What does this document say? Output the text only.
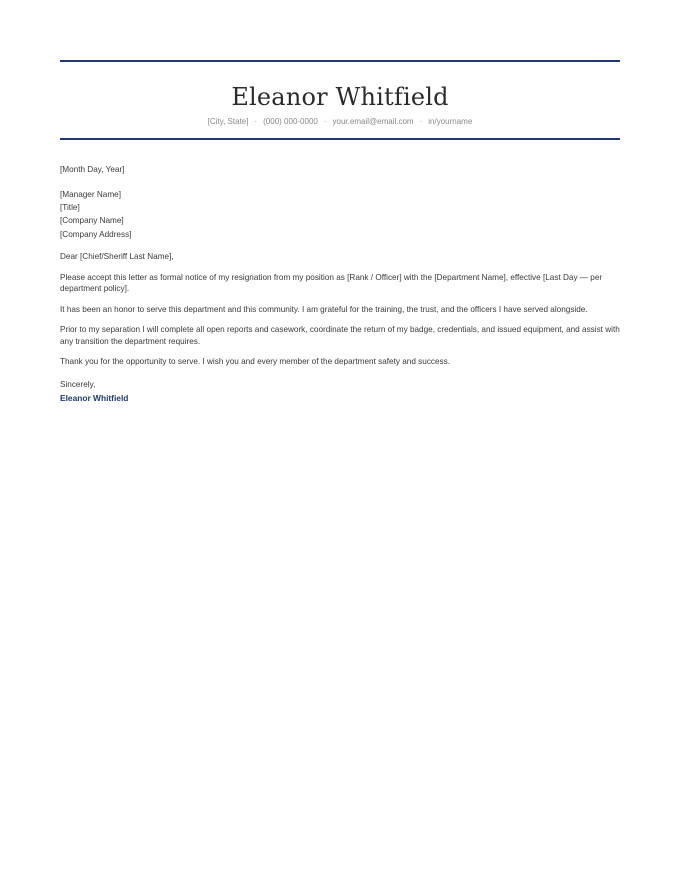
Eleanor Whitfield
[City, State] · (000) 000-0000 · your.email@email.com · in/yourname
[Month Day, Year]
[Manager Name]
[Title]
[Company Name]
[Company Address]
Dear [Chief/Sheriff Last Name],
Please accept this letter as formal notice of my resignation from my position as [Rank / Officer] with the [Department Name], effective [Last Day — per department policy].
It has been an honor to serve this department and this community. I am grateful for the training, the trust, and the officers I have served alongside.
Prior to my separation I will complete all open reports and casework, coordinate the return of my badge, credentials, and issued equipment, and assist with any transition the department requires.
Thank you for the opportunity to serve. I wish you and every member of the department safety and success.
Sincerely,
Eleanor Whitfield
